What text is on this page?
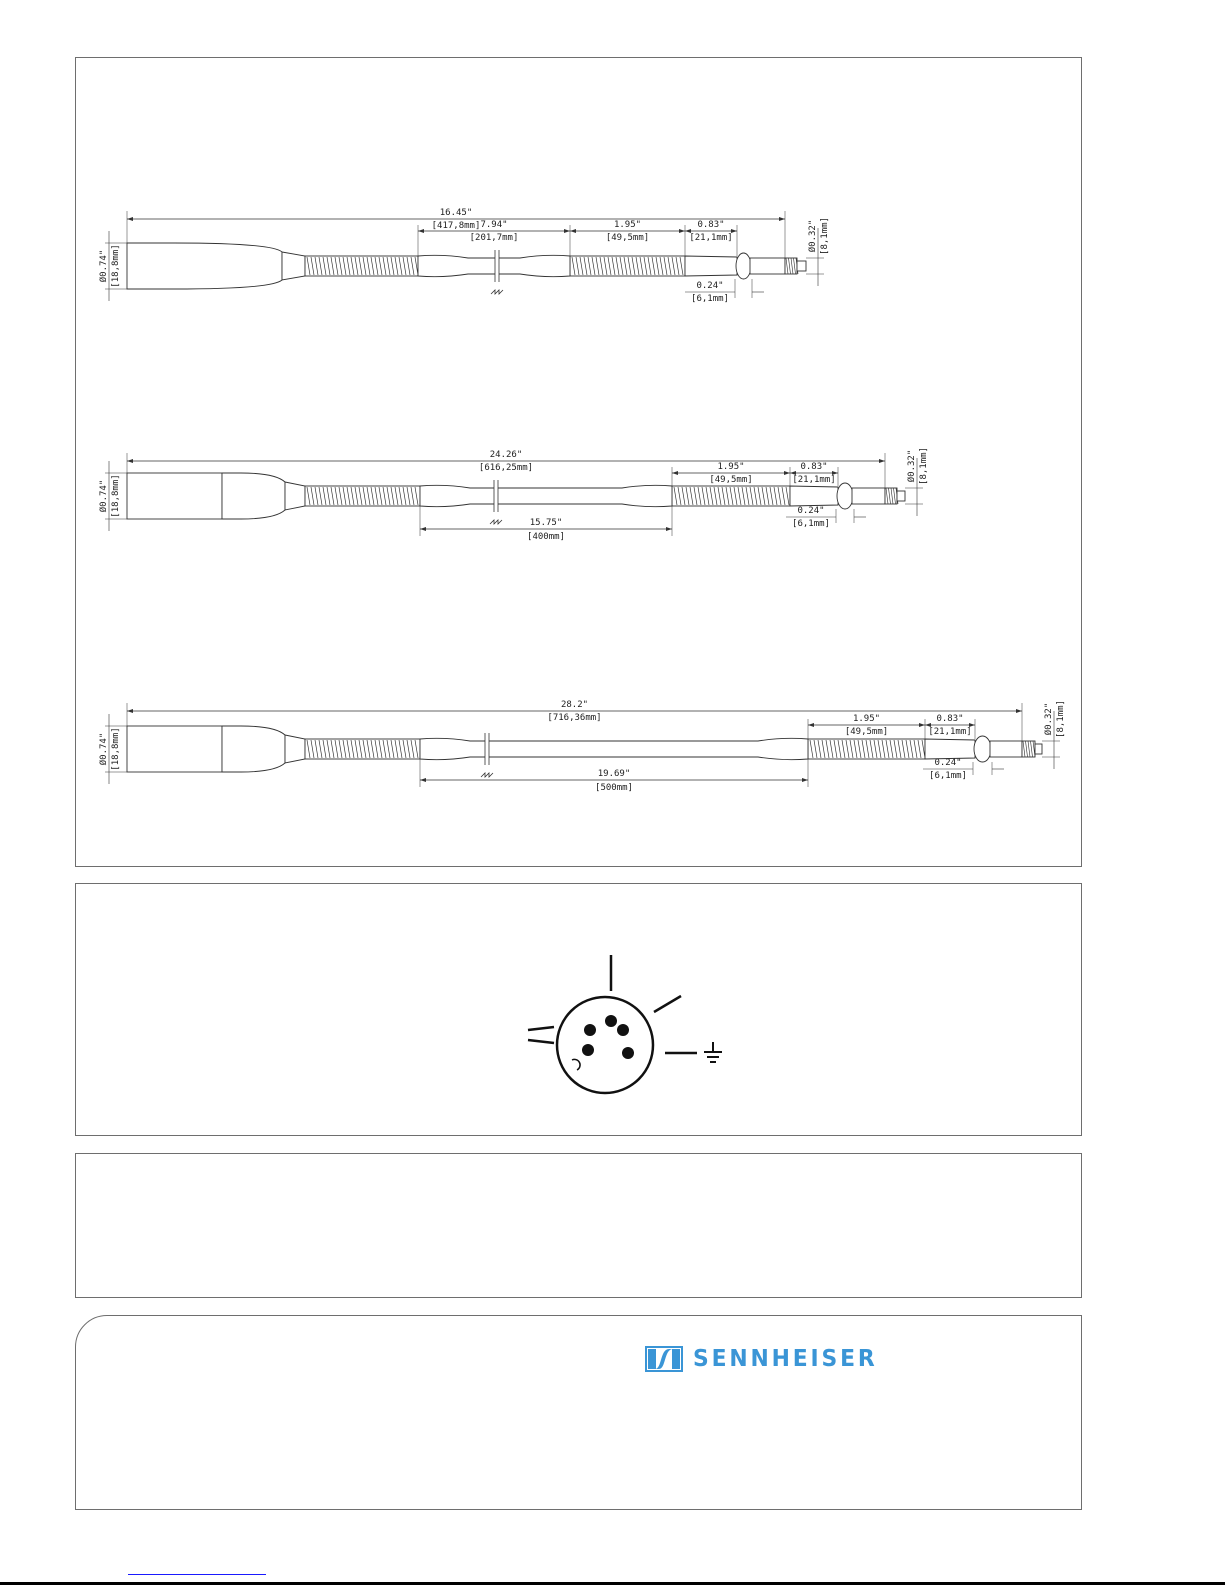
16.45"
[417,8mm]
Ø0.74" [18,8mm]
Ø0.32" [8,1mm]
7.94"
[201,7mm]
1.95"
[49,5mm]
0.83"
[21,1mm]
0.24"
[6,1mm]
24.26"
[616,25mm]
Ø0.74" [18,8mm]
Ø0.32" [8,1mm]
1.95"
[49,5mm]
0.83"
[21,1mm]
15.75"
[400mm]
0.24"
[6,1mm]
28.2"
[716,36mm]
Ø0.74" [18,8mm]
Ø0.32" [8,1mm]
1.95"
[49,5mm]
0.83"
[21,1mm]
19.69"
[500mm]
0.24"
[6,1mm]
SENNHEISER
